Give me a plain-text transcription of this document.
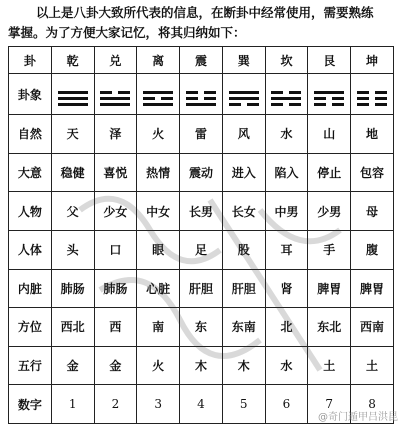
以上是八卦大致所代表的信息，在断卦中经常使用，需要熟练
掌握。为了方便大家记忆，将其归纳如下：
卦	乾	兑	离	震	巽	坎	艮	坤
卦象	

自然	天	泽	火	雷	风	水	山	地
大意	稳健	喜悦	热情	震动	进入	陷入	停止	包容
人物	父	少女	中女	长男	长女	中男	少男	母
人体	头	口	眼	足	股	耳	手	腹
内脏	肺肠	肺肠	心脏	肝胆	肝胆	肾	脾胃	脾胃
方位	西北	西	南	东	东南	北	东北	西南
五行	金	金	火	木	木	水	土	土
数字	1	2	3	4	5	6	7	8
@奇门遁甲吕洪昆
